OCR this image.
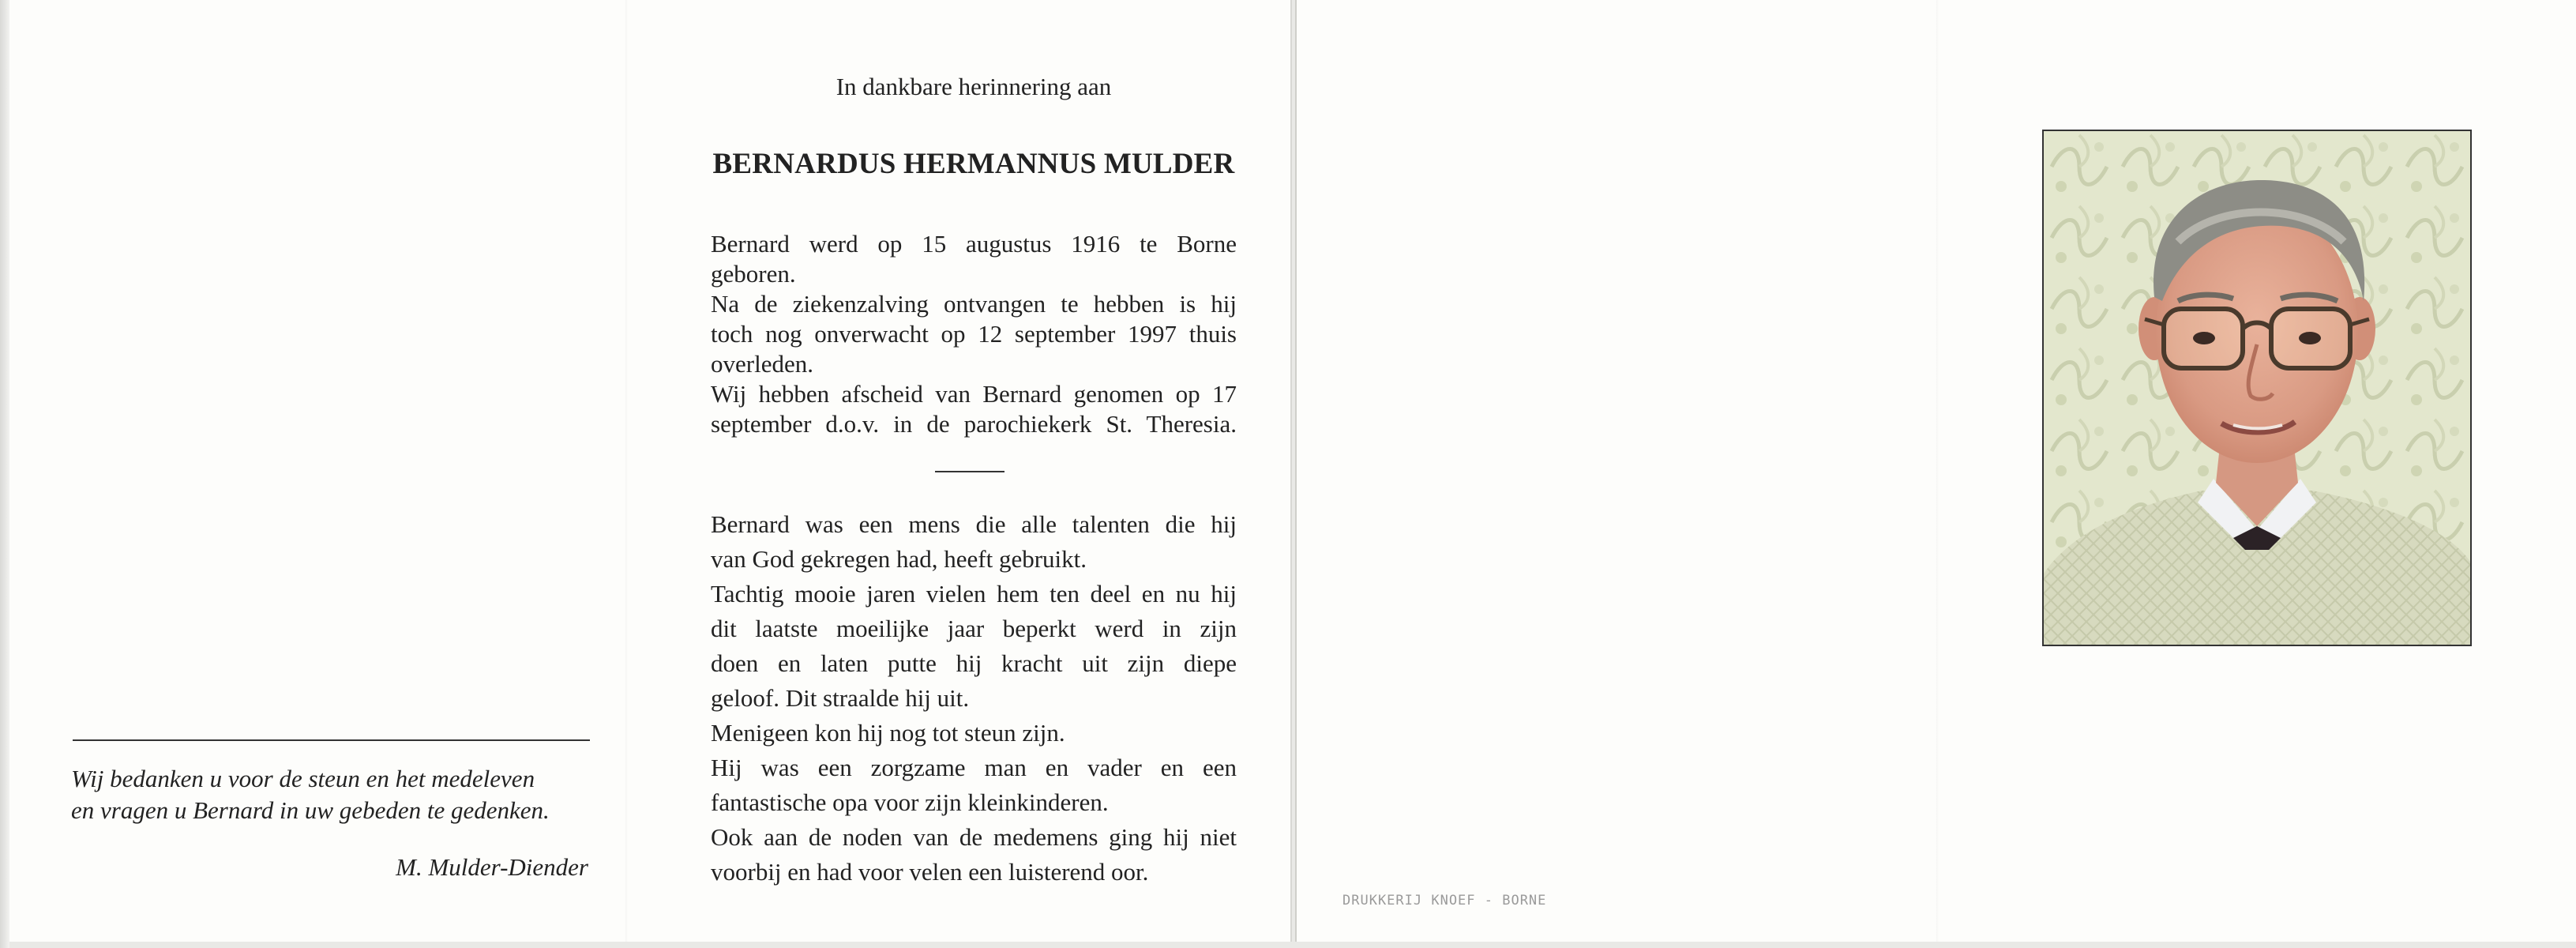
In dankbare herinnering aan
BERNARDUS HERMANNUS MULDER
Bernard werd op 15 augustus 1916 te Borne
geboren.
Na de ziekenzalving ontvangen te hebben is hij
toch nog onverwacht op 12 september 1997 thuis
overleden.
Wij hebben afscheid van Bernard genomen op 17
september d.o.v. in de parochiekerk St. Theresia.
Bernard was een mens die alle talenten die hij
van God gekregen had, heeft gebruikt.
Tachtig mooie jaren vielen hem ten deel en nu hij
dit laatste moeilijke jaar beperkt werd in zijn
doen en laten putte hij kracht uit zijn diepe
geloof. Dit straalde hij uit.
Menigeen kon hij nog tot steun zijn.
Hij was een zorgzame man en vader en een
fantastische opa voor zijn kleinkinderen.
Ook aan de noden van de medemens ging hij niet
voorbij en had voor velen een luisterend oor.
Wij bedanken u voor de steun en het medeleven
en vragen u Bernard in uw gebeden te gedenken.
M. Mulder-Diender
DRUKKERIJ KNOEF - BORNE
